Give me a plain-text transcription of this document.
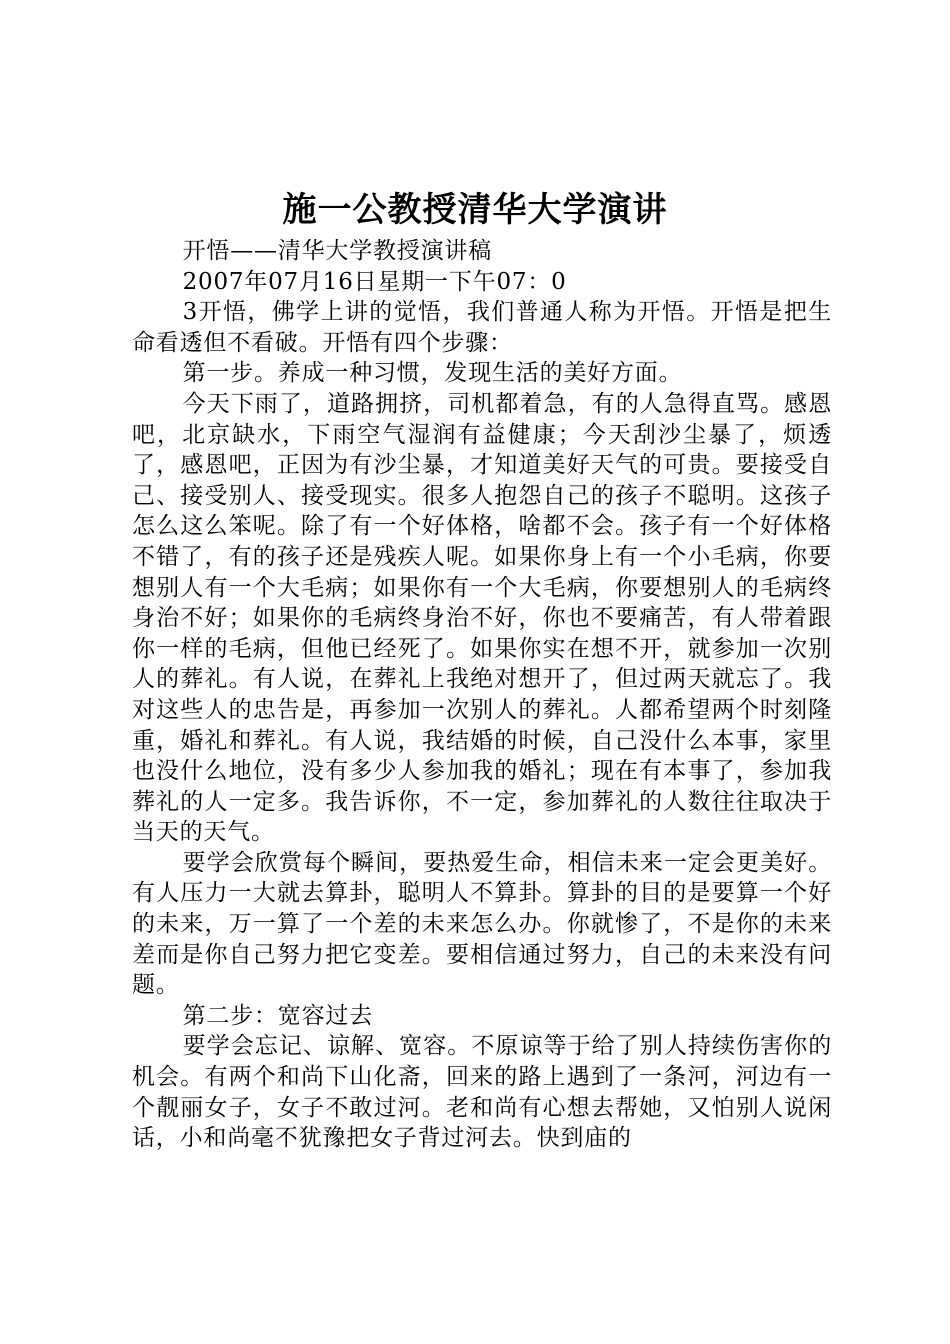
施一公教授清华大学演讲

开悟——清华大学教授演讲稿

2007年07月16日星期一下午07：0

3开悟，佛学上讲的觉悟，我们普通人称为开悟。开悟是把生命看透但不看破。开悟有四个步骤：

第一步。养成一种习惯，发现生活的美好方面。

今天下雨了，道路拥挤，司机都着急，有的人急得直骂。感恩吧，北京缺水，下雨空气湿润有益健康；今天刮沙尘暴了，烦透了，感恩吧，正因为有沙尘暴，才知道美好天气的可贵。要接受自己、接受别人、接受现实。很多人抱怨自己的孩子不聪明。这孩子怎么这么笨呢。除了有一个好体格，啥都不会。孩子有一个好体格不错了，有的孩子还是残疾人呢。如果你身上有一个小毛病，你要想别人有一个大毛病；如果你有一个大毛病，你要想别人的毛病终身治不好；如果你的毛病终身治不好，你也不要痛苦，有人带着跟你一样的毛病，但他已经死了。如果你实在想不开，就参加一次别人的葬礼。有人说，在葬礼上我绝对想开了，但过两天就忘了。我对这些人的忠告是，再参加一次别人的葬礼。人都希望两个时刻隆重，婚礼和葬礼。有人说，我结婚的时候，自己没什么本事，家里也没什么地位，没有多少人参加我的婚礼；现在有本事了，参加我葬礼的人一定多。我告诉你，不一定，参加葬礼的人数往往取决于当天的天气。

要学会欣赏每个瞬间，要热爱生命，相信未来一定会更美好。有人压力一大就去算卦，聪明人不算卦。算卦的目的是要算一个好的未来，万一算了一个差的未来怎么办。你就惨了，不是你的未来差而是你自己努力把它变差。要相信通过努力，自己的未来没有问题。

第二步：宽容过去

要学会忘记、谅解、宽容。不原谅等于给了别人持续伤害你的机会。有两个和尚下山化斋，回来的路上遇到了一条河，河边有一个靓丽女子，女子不敢过河。老和尚有心想去帮她，又怕别人说闲话，小和尚毫不犹豫把女子背过河去。快到庙的
